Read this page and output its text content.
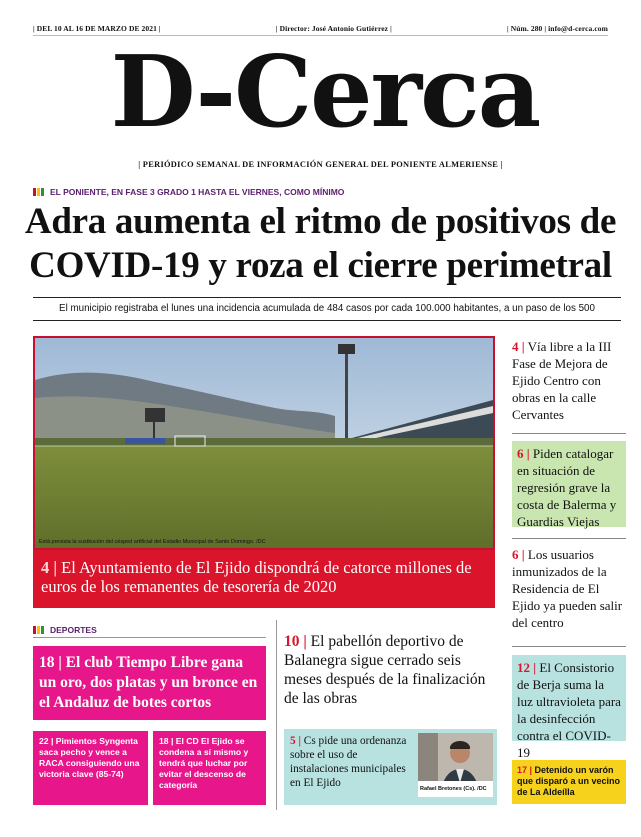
| DEL 10 AL 16 DE MARZO DE 2021 |	| Director: José Antonio Gutiérrez |	| Núm. 280 | info@d-cerca.com
D-Cerca
| PERIÓDICO SEMANAL DE INFORMACIÓN GENERAL DEL PONIENTE ALMERIENSE |
EL PONIENTE, EN FASE 3 GRADO 1 HASTA EL VIERNES, COMO MÍNIMO
Adra aumenta el ritmo de positivos de COVID-19 y roza el cierre perimetral
El municipio registraba el lunes una incidencia acumulada de 484 casos por cada 100.000 habitantes, a un paso de los 500
Está prevista la sustitución del césped artificial del Estadio Municipal de Santo Domingo. /DC
4 | El Ayuntamiento de El Ejido dispondrá de catorce millones de euros de los remanentes de tesorería de 2020
4 | Vía libre a la III Fase de Mejora de Ejido Centro con obras en la calle Cervantes
6 | Piden catalogar en situación de regresión grave la costa de Balerma y Guardias Viejas
6 | Los usuarios inmunizados de la Residencia de El Ejido ya pueden salir del centro
12 | El Consistorio de Berja suma la luz ultravioleta para la desinfección contra el COVID-19
17 | Detenido un varón que disparó a un vecino de La Aldeílla
DEPORTES
18 | El club Tiempo Libre gana un oro, dos platas y un bronce en el Andaluz de botes cortos
22 | Pimientos Syngenta saca pecho y vence a RACA consiguiendo una victoria clave (85-74)
18 | El CD El Ejido se condena a sí mismo y tendrá que luchar por evitar el descenso de categoría
10 | El pabellón deportivo de Balanegra sigue cerrado seis meses después de la finalización de las obras
5 | Cs pide una ordenanza sobre el uso de instalaciones municipales en El Ejido	Rafael Bretones (Cs). /DC
